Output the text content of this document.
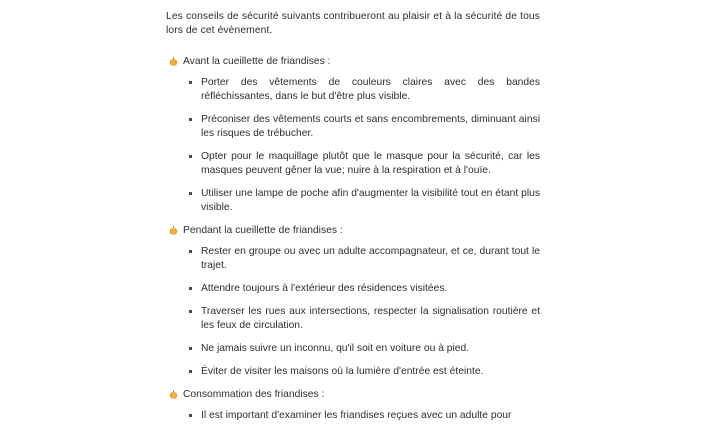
Les conseils de sécurité suivants contribueront au plaisir et à la sécurité de tous lors de cet évènement.

Avant la cueillette de friandises :
Porter des vêtements de couleurs claires avec des bandes réfléchissantes, dans le but d'être plus visible.
Préconiser des vêtements courts et sans encombrements, diminuant ainsi les risques de trébucher.
Opter pour le maquillage plutôt que le masque pour la sécurité, car les masques peuvent gêner la vue; nuire à la respiration et à l'ouïe.
Utiliser une lampe de poche afin d'augmenter la visibilité tout en étant plus visible.
Pendant la cueillette de friandises :
Rester en groupe ou avec un adulte accompagnateur, et ce, durant tout le trajet.
Attendre toujours à l'extérieur des résidences visitées.
Traverser les rues aux intersections, respecter la signalisation routière et les feux de circulation.
Ne jamais suivre un inconnu, qu'il soit en voiture ou à pied.
Éviter de visiter les maisons où la lumière d'entrée est éteinte.
Consommation des friandises :
Il est important d'examiner les friandises reçues avec un adulte pour
